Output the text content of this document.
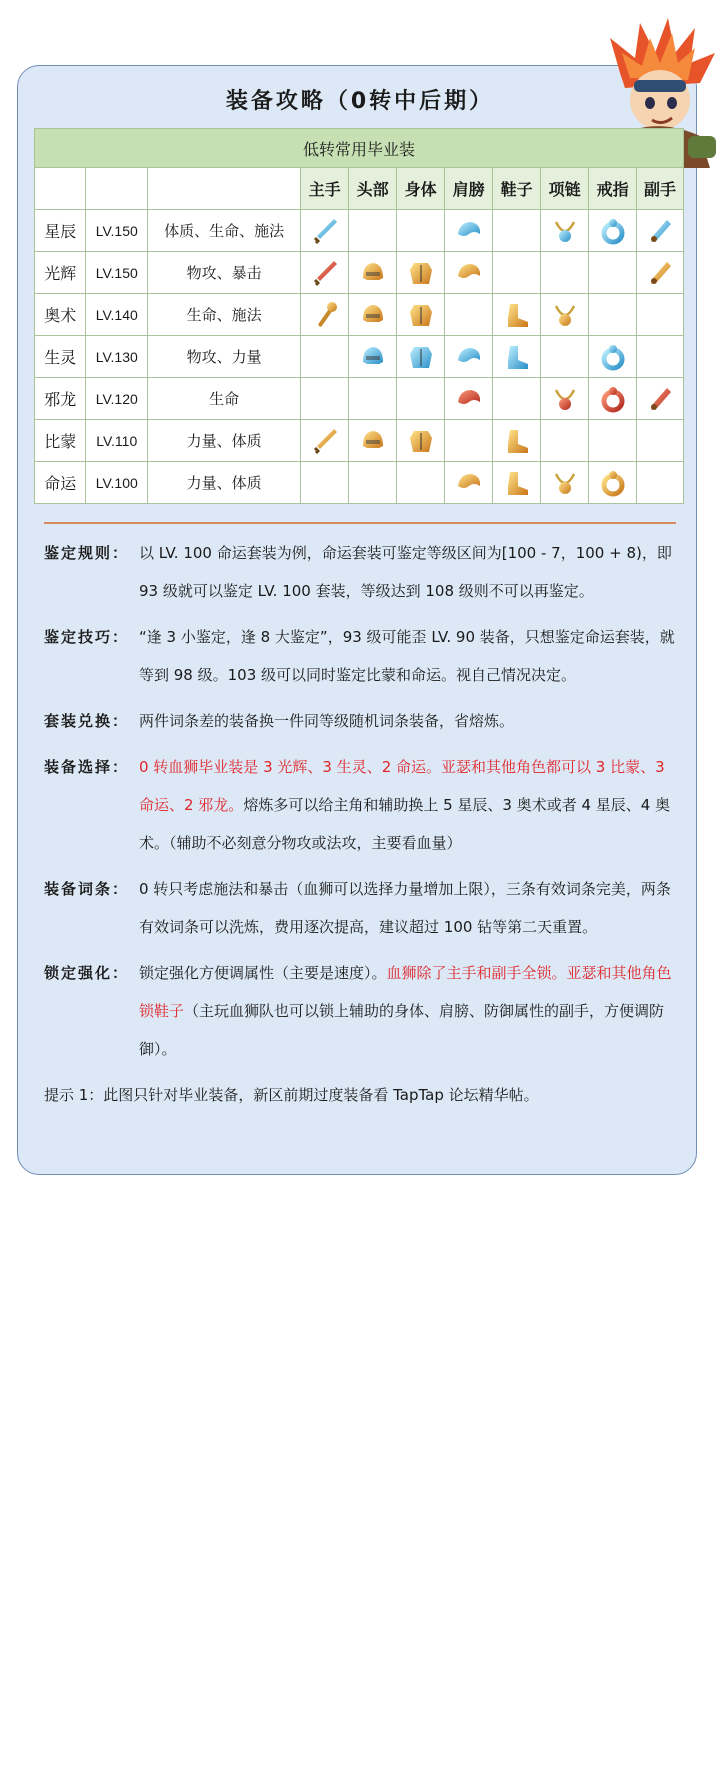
装备攻略（0转中后期）
低转常用毕业装										
			主手	头部	身体	肩膀	鞋子	项链	戒指	副手
星辰	LV.150	体质、生命、施法	

光辉	LV.150	物攻、暴击	

奥术	LV.140	生命、施法	

生灵	LV.130	物攻、力量		

邪龙	LV.120	生命				

比蒙	LV.110	力量、体质	

命运	LV.100	力量、体质				

鉴定规则： 以 LV. 100 命运套装为例，命运套装可鉴定等级区间为[100 - 7，100 + 8)，即 93 级就可以鉴定 LV. 100 套装，等级达到 108 级则不可以再鉴定。
鉴定技巧： “逢 3 小鉴定，逢 8 大鉴定”，93 级可能歪 LV. 90 装备，只想鉴定命运套装，就等到 98 级。103 级可以同时鉴定比蒙和命运。视自己情况决定。
套装兑换： 两件词条差的装备换一件同等级随机词条装备，省熔炼。
装备选择： 0 转血狮毕业装是 3 光辉、3 生灵、2 命运。亚瑟和其他角色都可以 3 比蒙、3 命运、2 邪龙。熔炼多可以给主角和辅助换上 5 星辰、3 奥术或者 4 星辰、4 奥术。（辅助不必刻意分物攻或法攻，主要看血量）
装备词条： 0 转只考虑施法和暴击（血狮可以选择力量增加上限），三条有效词条完美，两条有效词条可以洗炼，费用逐次提高，建议超过 100 钻等第二天重置。
锁定强化： 锁定强化方便调属性（主要是速度）。血狮除了主手和副手全锁。亚瑟和其他角色锁鞋子（主玩血狮队也可以锁上辅助的身体、肩膀、防御属性的副手，方便调防御）。
提示 1：此图只针对毕业装备，新区前期过度装备看 TapTap 论坛精华帖。
